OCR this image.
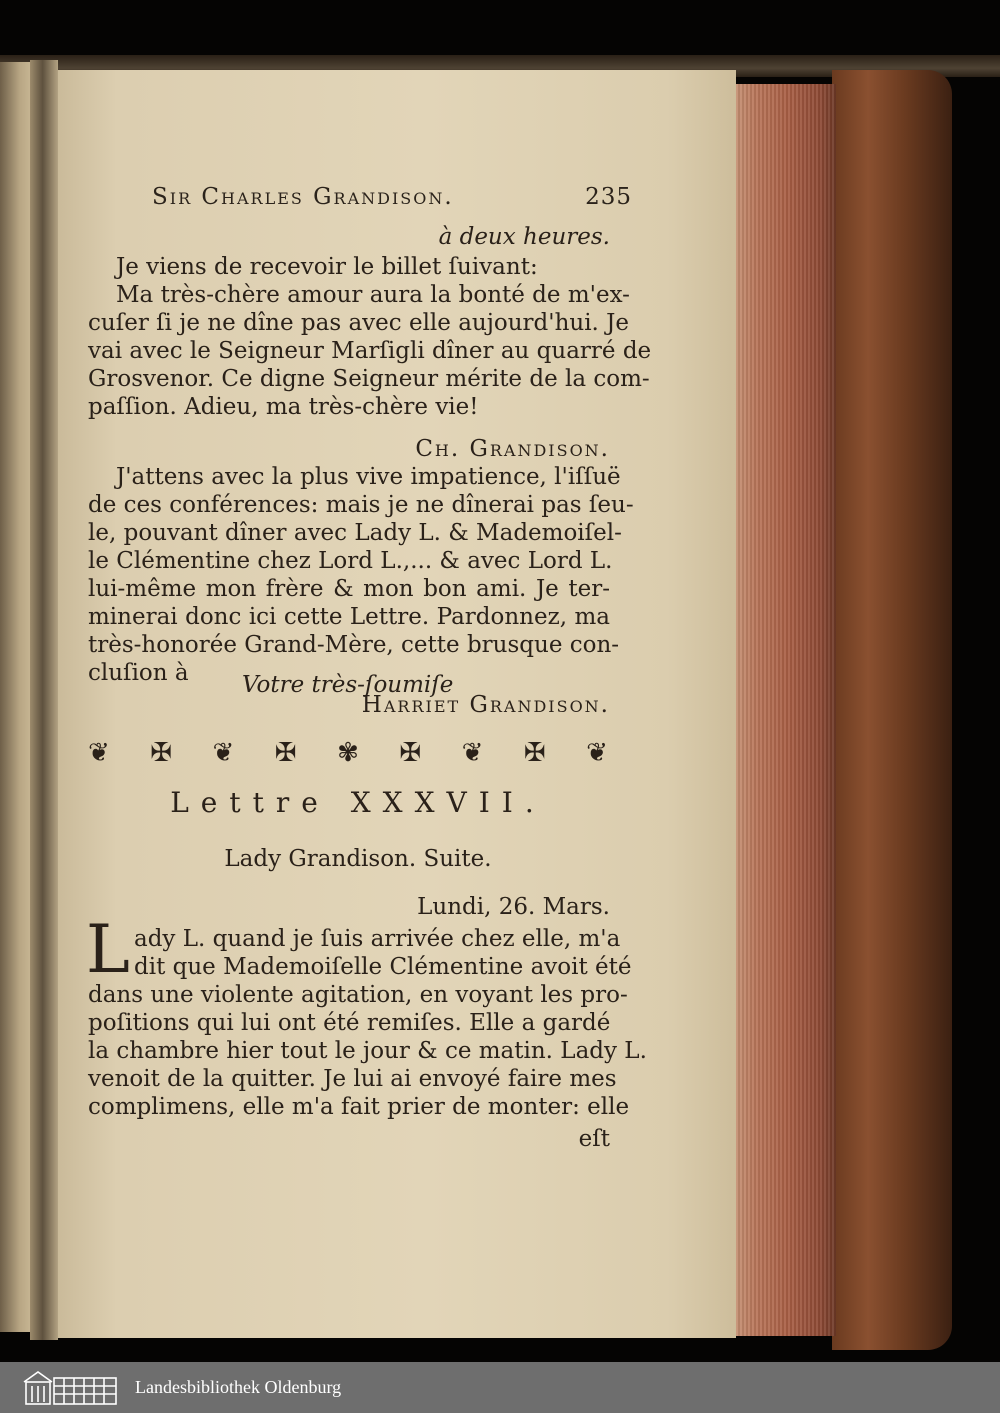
Sir Charles Grandison.	235
à deux heures.
Je viens de recevoir le billet ſuivant:
Ma très-chère amour aura la bonté de m'ex-
cuſer ſi je ne dîne pas avec elle aujourd'hui. Je
vai avec le Seigneur Marſigli dîner au quarré de
Grosvenor. Ce digne Seigneur mérite de la com-
paſſion. Adieu, ma très-chère vie!
Ch. Grandison.
J'attens avec la plus vive impatience, l'iſſuë
de ces conférences: mais je ne dînerai pas ſeu-
le, pouvant dîner avec Lady L. & Mademoiſel-
le Clémentine chez Lord L.,... & avec Lord L.
lui-même mon frère & mon bon ami. Je ter-
minerai donc ici cette Lettre. Pardonnez, ma
très-honorée Grand-Mère, cette brusque con-
cluſion à Votre très-ſoumiſe
Harriet Grandison.
❦ ✠ ❦ ✠ ✾ ✠ ❦ ✠ ❦
Lettre XXXVII.
Lady Grandison. Suite.
Lundi, 26. Mars.
L ady L. quand je ſuis arrivée chez elle, m'a
dit que Mademoiſelle Clémentine avoit été
dans une violente agitation, en voyant les pro-
poſitions qui lui ont été remiſes. Elle a gardé
la chambre hier tout le jour & ce matin. Lady L.
venoit de la quitter. Je lui ai envoyé faire mes
complimens, elle m'a fait prier de monter: elle
eſt
Landesbibliothek Oldenburg
